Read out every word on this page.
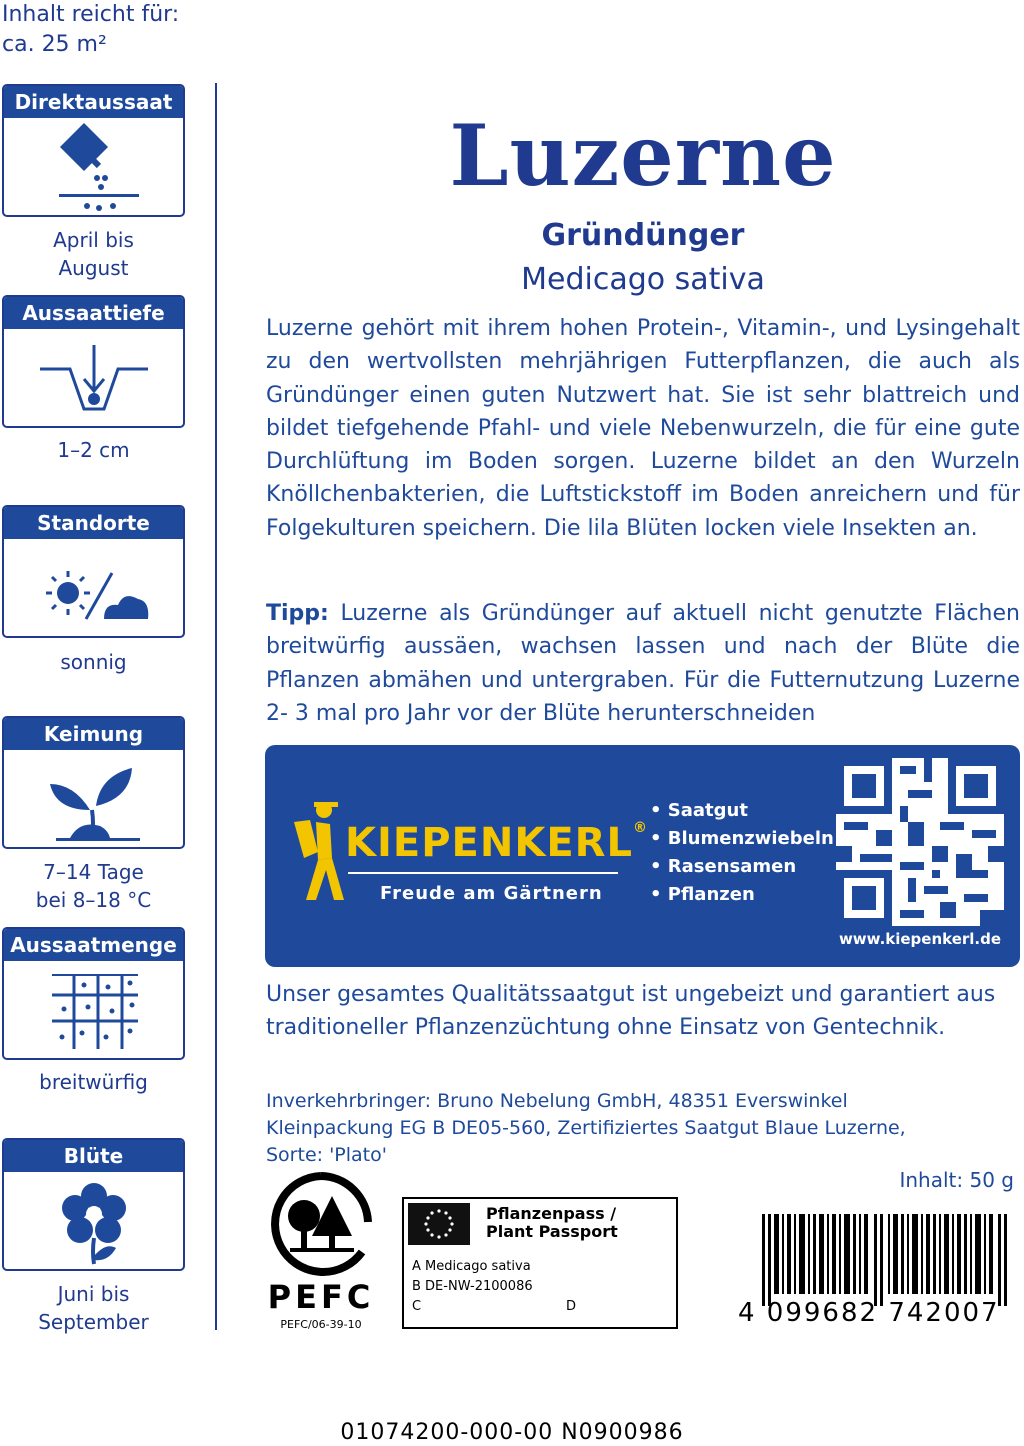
Inhalt reicht für:
ca. 25 m²
Direktaussaat
April bis
August
Aussaattiefe
1–2 cm
Standorte
sonnig
Keimung
7–14 Tage
bei 8–18 °C
Aussaatmenge
breitwürfig
Blüte
Juni bis
September
Luzerne
Gründünger
Medicago sativa
Luzerne gehört mit ihrem hohen Protein-, Vitamin-, und Lysingehalt zu den wertvollsten mehrjährigen Futterpflanzen, die auch als Gründünger einen guten Nutzwert hat. Sie ist sehr blattreich und bildet tiefgehende Pfahl- und viele Nebenwurzeln, die für eine gute Durchlüftung im Boden sorgen. Luzerne bildet an den Wurzeln Knöllchenbakterien, die Luftstickstoff im Boden anreichern und für Folgekulturen speichern. Die lila Blüten locken viele Insekten an.
Tipp: Luzerne als Gründünger auf aktuell nicht genutzte Flächen breitwürfig aussäen, wachsen lassen und nach der Blüte die Pflanzen abmähen und untergraben. Für die Futternutzung Luzerne 2- 3 mal pro Jahr vor der Blüte herunterschneiden
KIEPENKERL®
Freude am Gärtnern
• Saatgut
• Blumenzwiebeln
• Rasensamen
• Pflanzen
www.kiepenkerl.de
Unser gesamtes Qualitätssaatgut ist ungebeizt und garantiert aus traditioneller Pflanzenzüchtung ohne Einsatz von Gentechnik.
Inverkehrbringer: Bruno Nebelung GmbH, 48351 Everswinkel
Kleinpackung EG B DE05-560, Zertifiziertes Saatgut Blaue Luzerne,
Sorte: 'Plato'
Inhalt: 50 g
PEFC
PEFC/06-39-10
Pflanzenpass /
Plant Passport
A Medicago sativa
B DE-NW-2100086
C	D	4 099682 742007
01074200-000-00 N0900986
